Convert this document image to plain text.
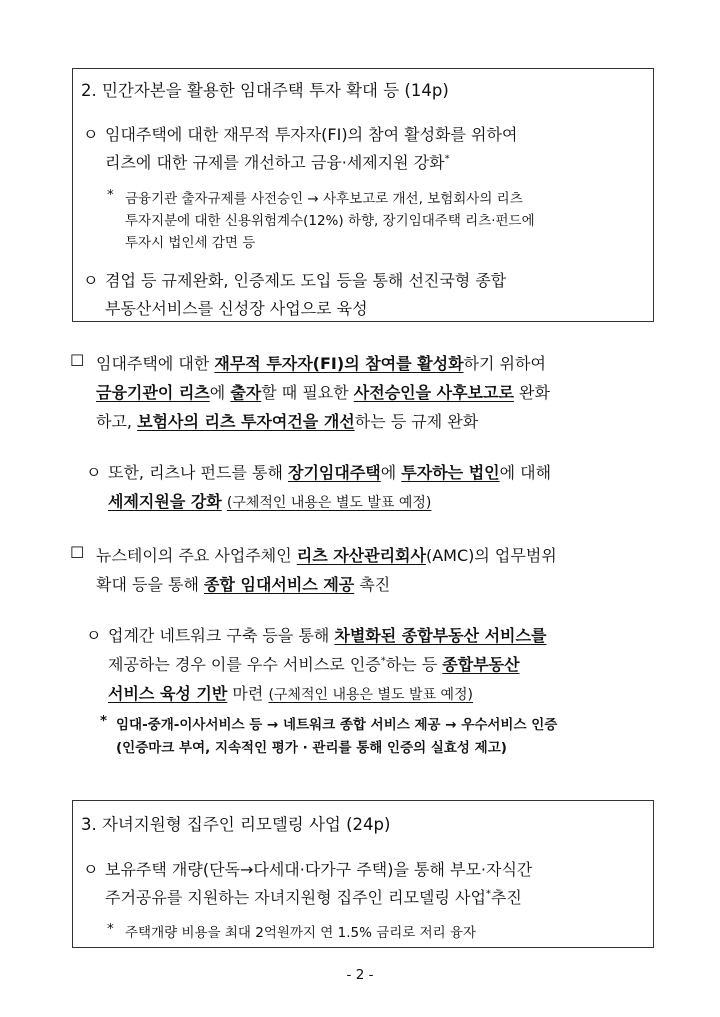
2. 민간자본을 활용한 임대주택 투자 확대 등 (14p)
ㅇ 임대주택에 대한 재무적 투자자(FI)의 참여 활성화를 위하여
리츠에 대한 규제를 개선하고 금융·세제지원 강화*
* 금융기관 출자규제를 사전승인 → 사후보고로 개선, 보험회사의 리츠
투자지분에 대한 신용위험계수(12%) 하향, 장기임대주택 리츠·펀드에
투자시 법인세 감면 등
ㅇ 겸업 등 규제완화, 인증제도 도입 등을 통해 선진국형 종합
부동산서비스를 신성장 사업으로 육성
☐ 임대주택에 대한 재무적 투자자(FI)의 참여를 활성화하기 위하여
금융기관이 리츠에 출자할 때 필요한 사전승인을 사후보고로 완화
하고, 보험사의 리츠 투자여건을 개선하는 등 규제 완화
ㅇ 또한, 리츠나 펀드를 통해 장기임대주택에 투자하는 법인에 대해
세제지원을 강화 (구체적인 내용은 별도 발표 예정)
☐ 뉴스테이의 주요 사업주체인 리츠 자산관리회사(AMC)의 업무범위
확대 등을 통해 종합 임대서비스 제공 촉진
ㅇ 업계간 네트워크 구축 등을 통해 차별화된 종합부동산 서비스를
제공하는 경우 이를 우수 서비스로 인증*하는 등 종합부동산
서비스 육성 기반 마련 (구체적인 내용은 별도 발표 예정)
* 임대-중개-이사서비스 등 → 네트워크 종합 서비스 제공 → 우수서비스 인증
(인증마크 부여, 지속적인 평가 · 관리를 통해 인증의 실효성 제고)
3. 자녀지원형 집주인 리모델링 사업 (24p)
ㅇ 보유주택 개량(단독→다세대·다가구 주택)을 통해 부모·자식간
주거공유를 지원하는 자녀지원형 집주인 리모델링 사업*추진
* 주택개량 비용을 최대 2억원까지 연 1.5% 금리로 저리 융자
- 2 -
